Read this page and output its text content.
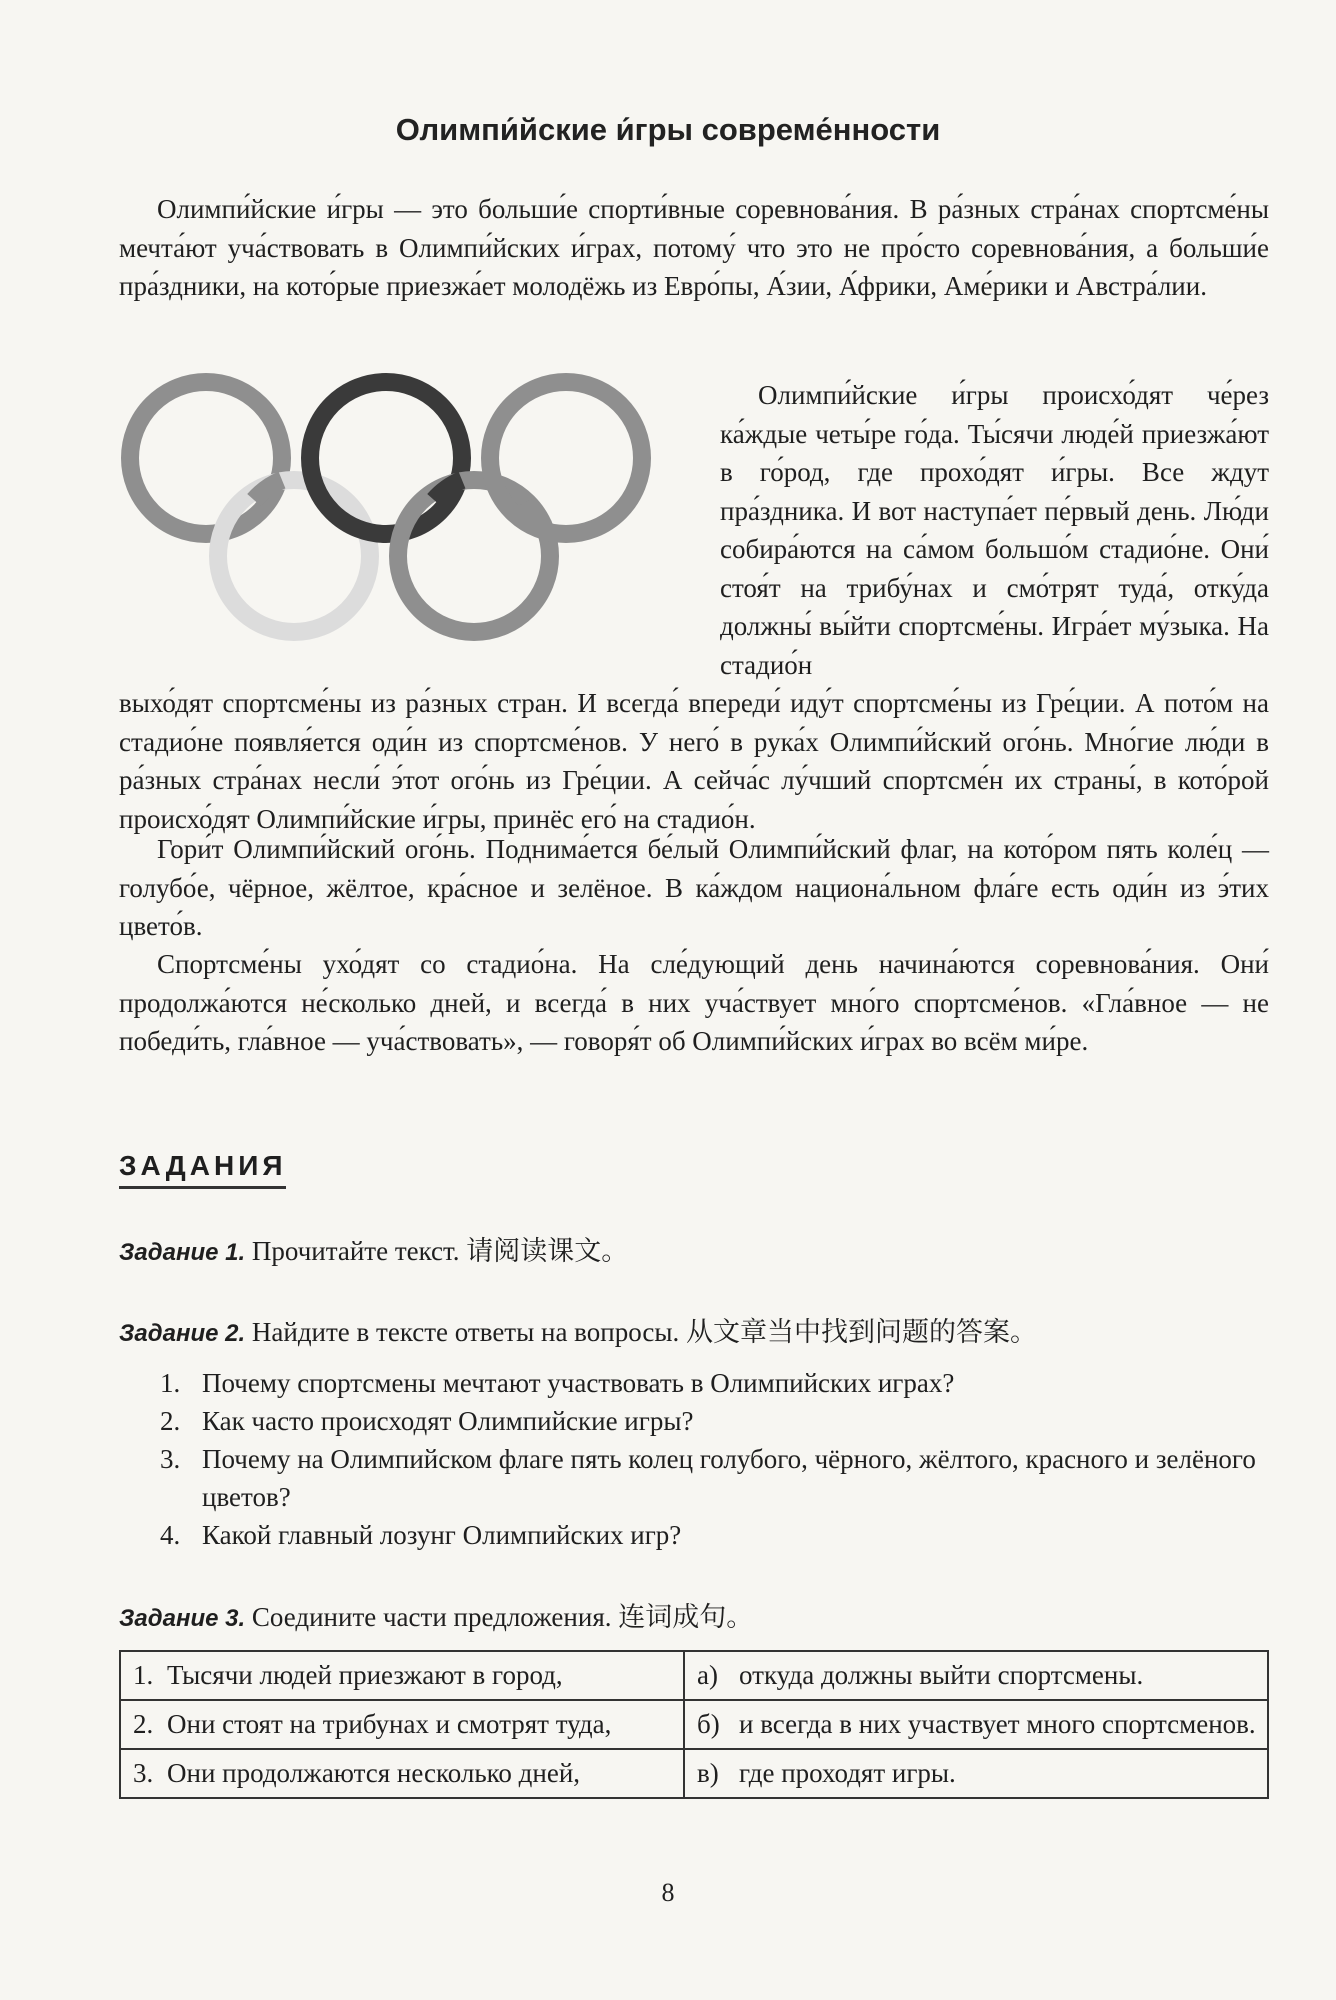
Олимпи́йские и́гры совреме́нности

Олимпи́йские и́гры — это больши́е спорти́вные соревнова́ния. В ра́зных стра́нах спортсме́ны мечта́ют уча́ствовать в Олимпи́йских и́грах, потому́ что это не про́сто соревнова́ния, а больши́е пра́здники, на кото́рые приезжа́ет молодёжь из Евро́пы, А́зии, А́фрики, Аме́рики и Австра́лии.

Олимпи́йские и́гры происхо́дят че́рез ка́ждые четы́ре го́да. Ты́сячи люде́й приезжа́ют в го́род, где прохо́дят и́гры. Все ждут пра́здника. И вот наступа́ет пе́рвый день. Лю́ди собира́ются на са́мом большо́м стадио́не. Они́ стоя́т на трибу́нах и смо́трят туда́, отку́да должны́ вы́йти спортсме́ны. Игра́ет му́зыка. На стадио́н

выхо́дят спортсме́ны из ра́зных стран. И всегда́ впереди́ иду́т спортсме́ны из Гре́ции. А пото́м на стадио́не появля́ется оди́н из спортсме́нов. У него́ в рука́х Олимпи́йский ого́нь. Мно́гие лю́ди в ра́зных стра́нах несли́ э́тот ого́нь из Гре́ции. А сейча́с лу́чший спортсме́н их страны́, в кото́рой происхо́дят Олимпи́йские и́гры, принёс его́ на стадио́н.

Гори́т Олимпи́йский ого́нь. Поднима́ется бе́лый Олимпи́йский флаг, на кото́ром пять коле́ц — голубо́е, чёрное, жёлтое, кра́сное и зелёное. В ка́ждом национа́льном фла́ге есть оди́н из э́тих цвето́в.

Спортсме́ны ухо́дят со стадио́на. На сле́дующий день начина́ются соревнова́ния. Они́ продолжа́ются не́сколько дней, и всегда́ в них уча́ствует мно́го спортсме́нов. «Гла́вное — не победи́ть, гла́вное — уча́ствовать», — говоря́т об Олимпи́йских и́грах во всём ми́ре.

ЗАДАНИЯ
Задание 1. Прочитайте текст. 请阅读课文。
Задание 2. Найдите в тексте ответы на вопросы. 从文章当中找到问题的答案。
1. Почему спортсмены мечтают участвовать в Олимпийских играх?
2. Как часто происходят Олимпийские игры?
3. Почему на Олимпийском флаге пять колец голубого, чёрного, жёлтого, красного и зелёного цветов?
4. Какой главный лозунг Олимпийских игр?
Задание 3. Соедините части предложения. 连词成句。
1. Тысячи людей приезжают в город,	а) откуда должны выйти спортсмены.

2. Они стоят на трибунах и смотрят туда,	б) и всегда в них участвует много спортсменов.

3. Они продолжаются несколько дней,	в) где проходят игры.
8
